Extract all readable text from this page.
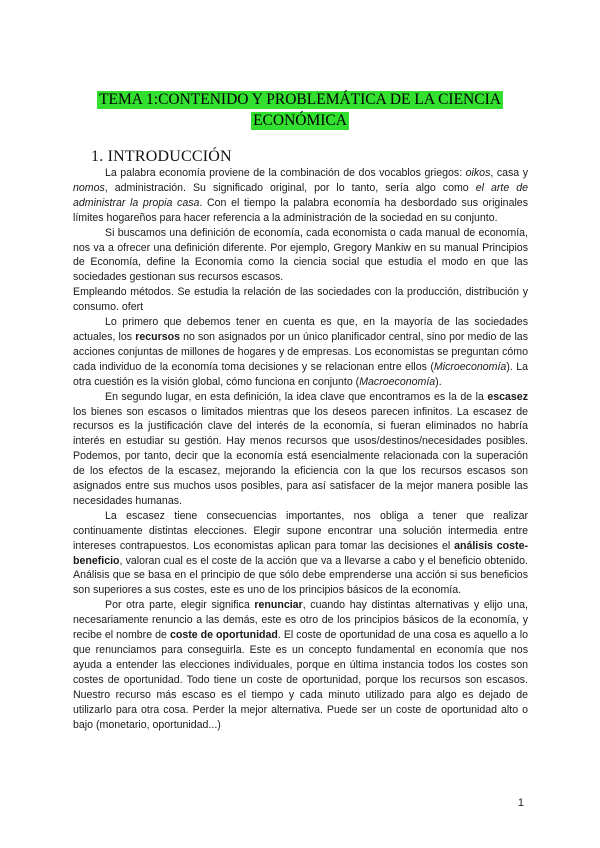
TEMA 1:CONTENIDO Y PROBLEMÁTICA DE LA CIENCIA
ECONÓMICA
1. INTRODUCCIÓN

La palabra economía proviene de la combinación de dos vocablos griegos: oikos, casa y nomos, administración. Su significado original, por lo tanto, sería algo como el arte de administrar la propia casa. Con el tiempo la palabra economía ha desbordado sus originales límites hogareños para hacer referencia a la administración de la sociedad en su conjunto.

Si buscamos una definición de economía, cada economista o cada manual de economía, nos va a ofrecer una definición diferente. Por ejemplo, Gregory Mankiw en su manual Principios de Economía, define la Economía como la ciencia social que estudia el modo en que las sociedades gestionan sus recursos escasos.

Empleando métodos. Se estudia la relación de las sociedades con la producción, distribución y consumo. ofert

Lo primero que debemos tener en cuenta es que, en la mayoría de las sociedades actuales, los recursos no son asignados por un único planificador central, sino por medio de las acciones conjuntas de millones de hogares y de empresas. Los economistas se preguntan cómo cada individuo de la economía toma decisiones y se relacionan entre ellos (Microeconomía). La otra cuestión es la visión global, cómo funciona en conjunto (Macroeconomía).

En segundo lugar, en esta definición, la idea clave que encontramos es la de la escasez los bienes son escasos o limitados mientras que los deseos parecen infinitos. La escasez de recursos es la justificación clave del interés de la economía, si fueran eliminados no habría interés en estudiar su gestión. Hay menos recursos que usos/destinos/necesidades posibles. Podemos, por tanto, decir que la economía está esencialmente relacionada con la superación de los efectos de la escasez, mejorando la eficiencia con la que los recursos escasos son asignados entre sus muchos usos posibles, para así satisfacer de la mejor manera posible las necesidades humanas.

La escasez tiene consecuencias importantes, nos obliga a tener que realizar continuamente distintas elecciones. Elegir supone encontrar una solución intermedia entre intereses contrapuestos. Los economistas aplican para tomar las decisiones el análisis coste-beneficio, valoran cual es el coste de la acción que va a llevarse a cabo y el beneficio obtenido. Análisis que se basa en el principio de que sólo debe emprenderse una acción si sus beneficios son superiores a sus costes, este es uno de los principios básicos de la economía.

Por otra parte, elegir significa renunciar, cuando hay distintas alternativas y elijo una, necesariamente renuncio a las demás, este es otro de los principios básicos de la economía, y recibe el nombre de coste de oportunidad. El coste de oportunidad de una cosa es aquello a lo que renunciamos para conseguirla. Este es un concepto fundamental en economía que nos ayuda a entender las elecciones individuales, porque en última instancia todos los costes son costes de oportunidad. Todo tiene un coste de oportunidad, porque los recursos son escasos. Nuestro recurso más escaso es el tiempo y cada minuto utilizado para algo es dejado de utilizarlo para otra cosa. Perder la mejor alternativa. Puede ser un coste de oportunidad alto o bajo (monetario, oportunidad...)

1
